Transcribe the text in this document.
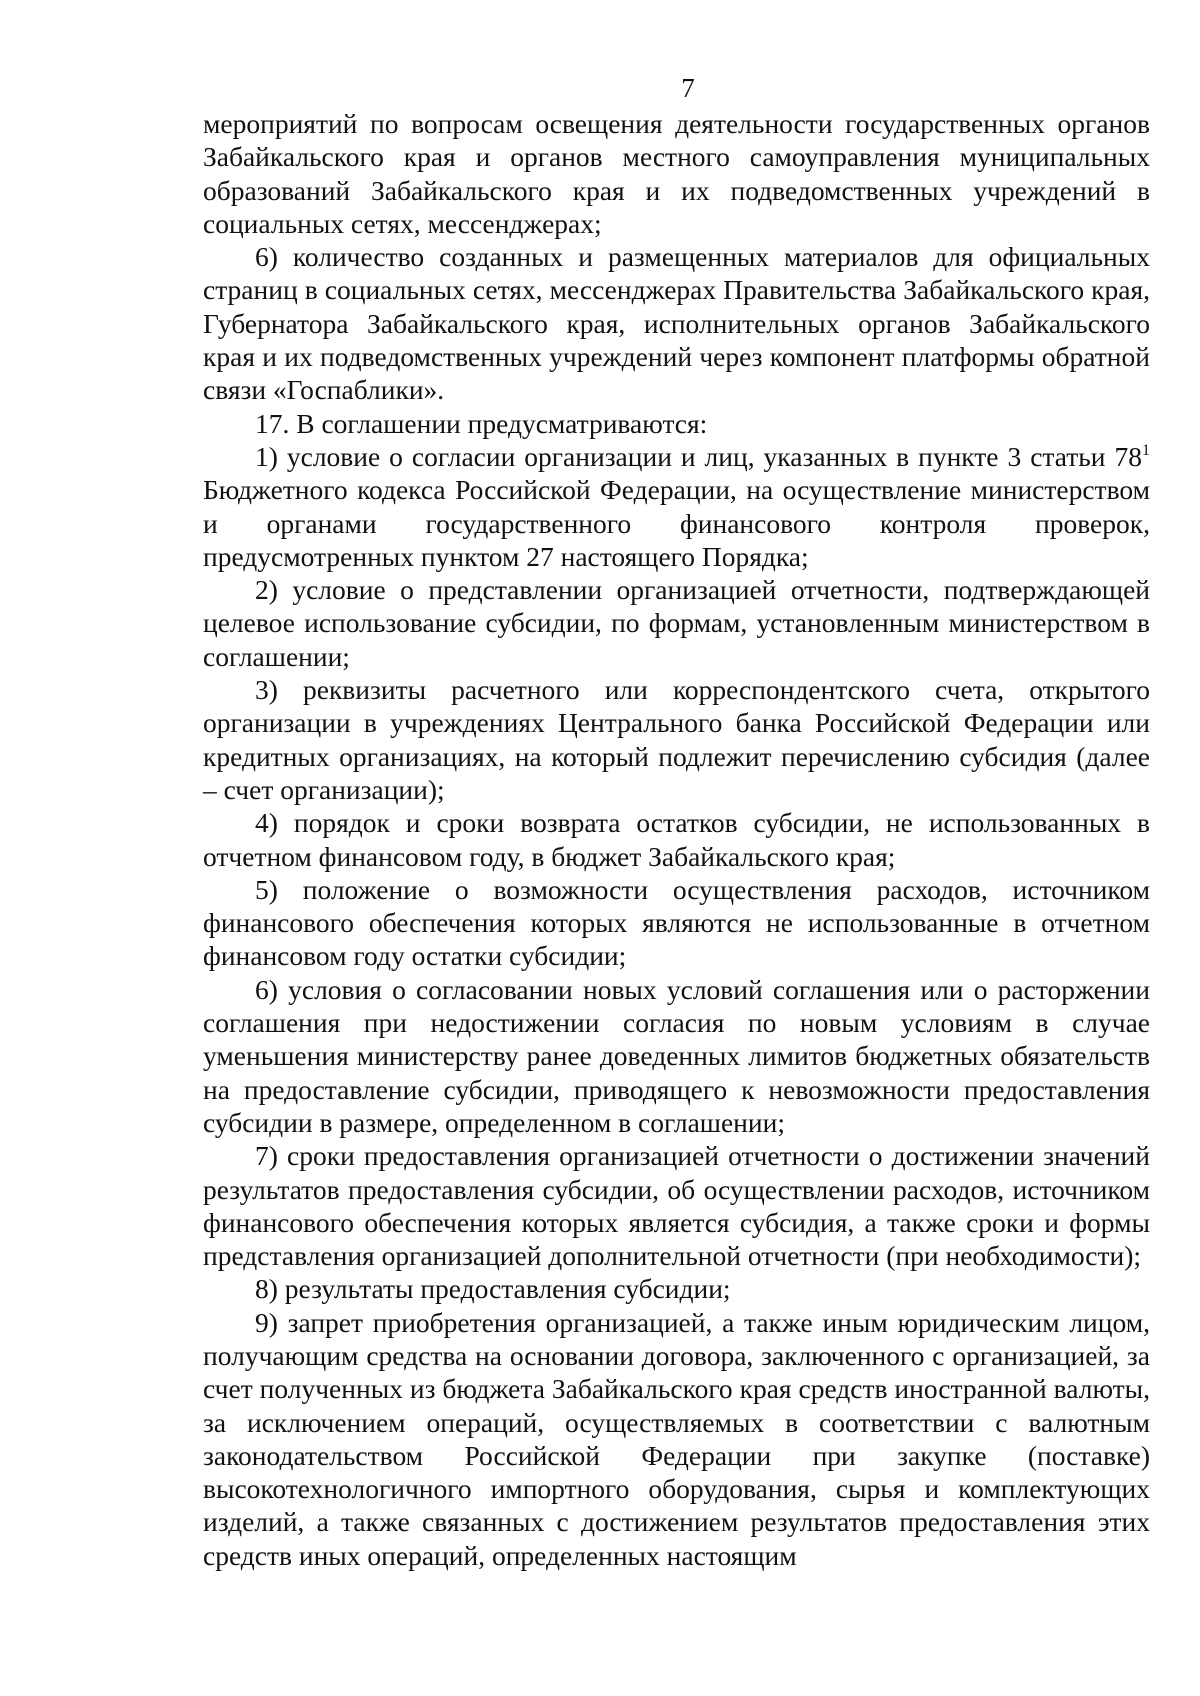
7

мероприятий по вопросам освещения деятельности государственных органов Забайкальского края и органов местного самоуправления муниципальных образований Забайкальского края и их подведомственных учреждений в социальных сетях, мессенджерах;

6) количество созданных и размещенных материалов для официальных страниц в социальных сетях, мессенджерах Правительства Забайкальского края, Губернатора Забайкальского края, исполнительных органов Забайкальского края и их подведомственных учреждений через компонент платформы обратной связи «Госпаблики».

17. В соглашении предусматриваются:

1) условие о согласии организации и лиц, указанных в пункте 3 статьи $78^1$ Бюджетного кодекса Российской Федерации, на осуществление министерством и органами государственного финансового контроля проверок, предусмотренных пунктом 27 настоящего Порядка;

2) условие о представлении организацией отчетности, подтверждающей целевое использование субсидии, по формам, установленным министерством в соглашении;

3) реквизиты расчетного или корреспондентского счета, открытого организации в учреждениях Центрального банка Российской Федерации или кредитных организациях, на который подлежит перечислению субсидия (далее – счет организации);

4) порядок и сроки возврата остатков субсидии, не использованных в отчетном финансовом году, в бюджет Забайкальского края;

5) положение о возможности осуществления расходов, источником финансового обеспечения которых являются не использованные в отчетном финансовом году остатки субсидии;

6) условия о согласовании новых условий соглашения или о расторжении соглашения при недостижении согласия по новым условиям в случае уменьшения министерству ранее доведенных лимитов бюджетных обязательств на предоставление субсидии, приводящего к невозможности предоставления субсидии в размере, определенном в соглашении;

7) сроки предоставления организацией отчетности о достижении значений результатов предоставления субсидии, об осуществлении расходов, источником финансового обеспечения которых является субсидия, а также сроки и формы представления организацией дополнительной отчетности (при необходимости);

8) результаты предоставления субсидии;

9) запрет приобретения организацией, а также иным юридическим лицом, получающим средства на основании договора, заключенного с организацией, за счет полученных из бюджета Забайкальского края средств иностранной валюты, за исключением операций, осуществляемых в соответствии с валютным законодательством Российской Федерации при закупке (поставке) высокотехнологичного импортного оборудования, сырья и комплектующих изделий, а также связанных с достижением результатов предоставления этих средств иных операций, определенных настоящим
